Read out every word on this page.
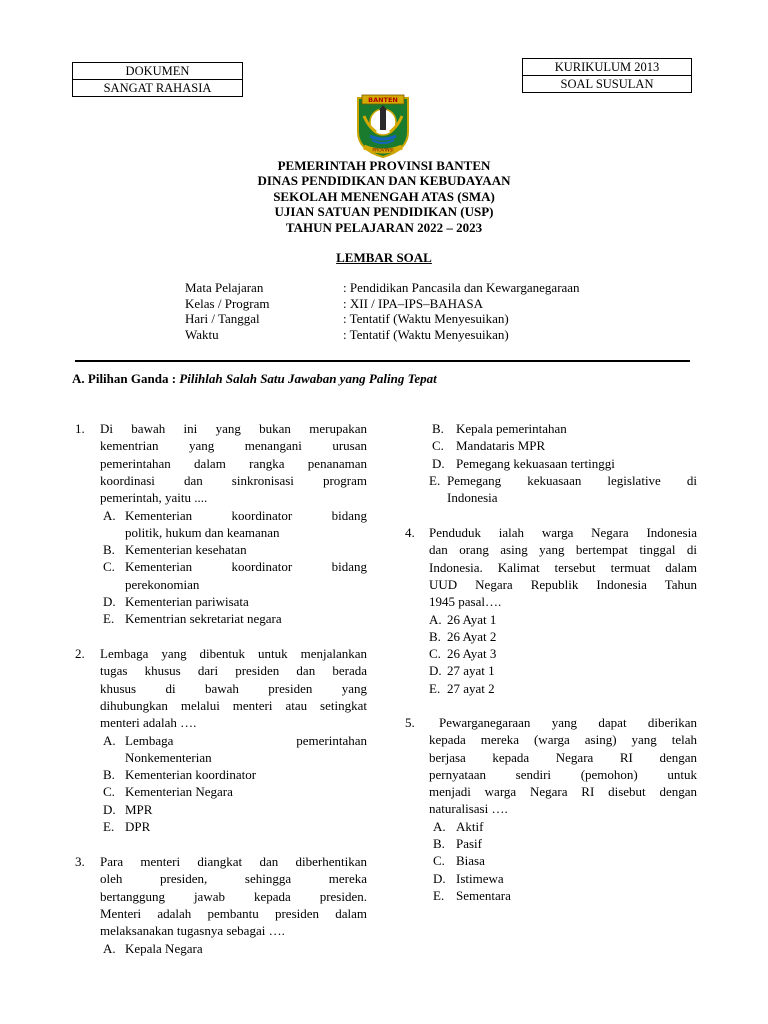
DOKUMEN
SANGAT RAHASIA
KURIKULUM 2013
SOAL SUSULAN
BANTEN
PROVINSI
PEMERINTAH PROVINSI BANTEN
DINAS PENDIDIKAN DAN KEBUDAYAAN
SEKOLAH MENENGAH ATAS (SMA)
UJIAN SATUAN PENDIDIKAN (USP)
TAHUN PELAJARAN 2022 – 2023
LEMBAR SOAL
Mata Pelajaran	: Pendidikan Pancasila dan Kewarganegaraan
Kelas / Program	: XII / IPA–IPS–BAHASA
Hari / Tanggal	: Tentatif (Waktu Menyesuikan)
Waktu	: Tentatif (Waktu Menyesuikan)
A. Pilihan Ganda : Pilihlah Salah Satu Jawaban yang Paling Tepat
1. Di bawah ini yang bukan merupakan
kementrian yang menangani urusan
pemerintahan dalam rangka penanaman
koordinasi dan sinkronisasi program
pemerintah, yaitu ....
A. Kementerian koordinator bidang
politik, hukum dan keamanan
B. Kementerian kesehatan
C. Kementerian koordinator bidang
perekonomian
D. Kementerian pariwisata
E. Kementrian sekretariat negara
2. Lembaga yang dibentuk untuk menjalankan
tugas khusus dari presiden dan berada
khusus di bawah presiden yang
dihubungkan melalui menteri atau setingkat
menteri adalah ….
A. Lembaga pemerintahan
Nonkementerian
B. Kementerian koordinator
C. Kementerian Negara
D. MPR
E. DPR
3. Para menteri diangkat dan diberhentikan
oleh presiden, sehingga mereka
bertanggung jawab kepada presiden.
Menteri adalah pembantu presiden dalam
melaksanakan tugasnya sebagai ….
A. Kepala Negara
B. Kepala pemerintahan
C. Mandataris MPR
D. Pemegang kekuasaan tertinggi
E. Pemegang kekuasaan legislative di
Indonesia
4. Penduduk ialah warga Negara Indonesia
dan orang asing yang bertempat tinggal di
Indonesia. Kalimat tersebut termuat dalam
UUD Negara Republik Indonesia Tahun
1945 pasal….
A. 26 Ayat 1
B. 26 Ayat 2
C. 26 Ayat 3
D. 27 ayat 1
E. 27 ayat 2
5.	Pewarganegaraan yang dapat diberikan
kepada mereka (warga asing) yang telah
berjasa kepada Negara RI dengan
pernyataan sendiri (pemohon) untuk
menjadi warga Negara RI disebut dengan
naturalisasi ….
A. Aktif
B. Pasif
C. Biasa
D. Istimewa
E. Sementara
